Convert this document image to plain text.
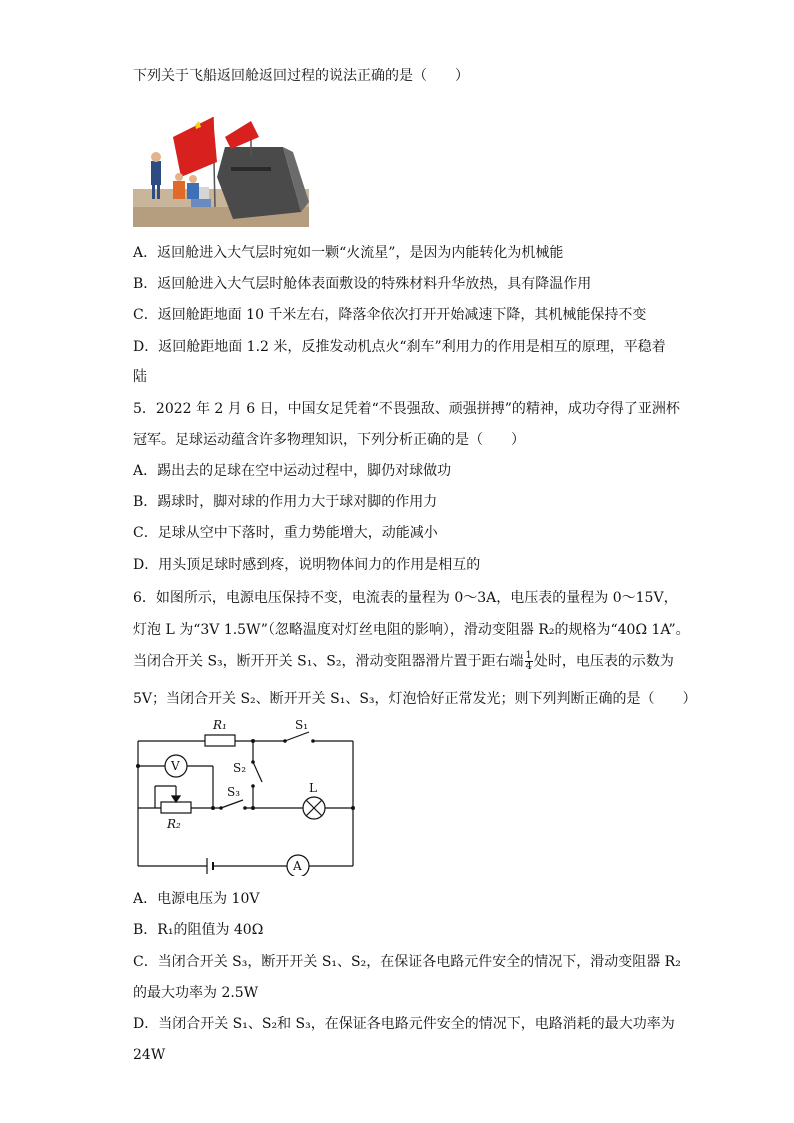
下列关于飞船返回舱返回过程的说法正确的是（　　）
A．返回舱进入大气层时宛如一颗“火流星”，是因为内能转化为机械能
B．返回舱进入大气层时舱体表面敷设的特殊材料升华放热，具有降温作用
C．返回舱距地面 10 千米左右，降落伞依次打开开始减速下降，其机械能保持不变
D．返回舱距地面 1.2 米，反推发动机点火“刹车”利用力的作用是相互的原理，平稳着
陆
5．2022 年 2 月 6 日，中国女足凭着“不畏强敌、顽强拼搏”的精神，成功夺得了亚洲杯
冠军。足球运动蕴含许多物理知识，下列分析正确的是（　　）
A．踢出去的足球在空中运动过程中，脚仍对球做功
B．踢球时，脚对球的作用力大于球对脚的作用力
C．足球从空中下落时，重力势能增大，动能减小
D．用头顶足球时感到疼，说明物体间力的作用是相互的
6．如图所示，电源电压保持不变，电流表的量程为 0～3A，电压表的量程为 0～15V，
灯泡 L 为“3V 1.5W”（忽略温度对灯丝电阻的影响），滑动变阻器 R₂的规格为“40Ω 1A”。
当闭合开关 S₃，断开开关 S₁、S₂，滑动变阻器滑片置于距右端 $\frac{1}{4}$ 处时，电压表的示数为
5V；当闭合开关 S₂、断开开关 S₁、S₃，灯泡恰好正常发光；则下列判断正确的是（　　）
R₁	S₁
V	S₂
S₃	L
R₂
A
A．电源电压为 10V
B．R₁的阻值为 40Ω
C．当闭合开关 S₃，断开开关 S₁、S₂，在保证各电路元件安全的情况下，滑动变阻器 R₂
的最大功率为 2.5W
D．当闭合开关 S₁、S₂和 S₃，在保证各电路元件安全的情况下，电路消耗的最大功率为
24W
